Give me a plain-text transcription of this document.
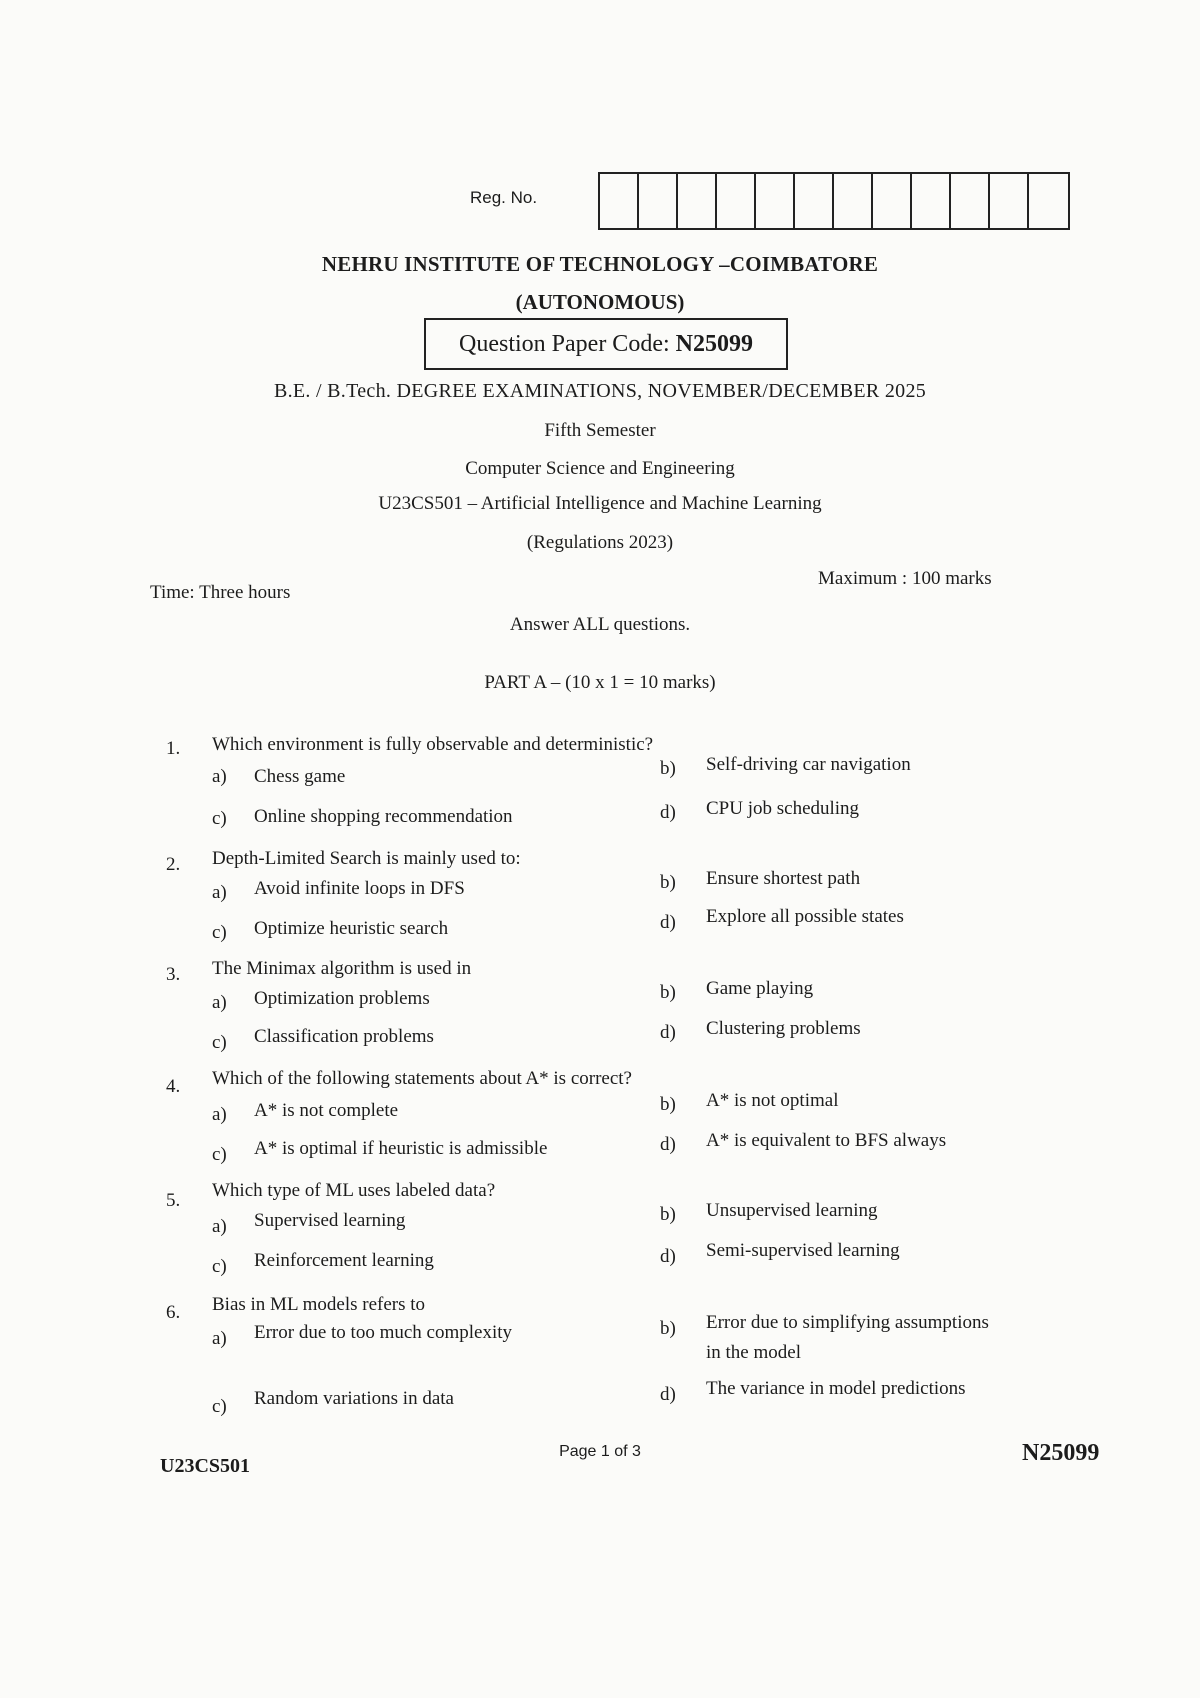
Reg. No.
NEHRU INSTITUTE OF TECHNOLOGY –COIMBATORE
(AUTONOMOUS)
Question Paper Code: N25099
B.E. / B.Tech. DEGREE EXAMINATIONS, NOVEMBER/DECEMBER 2025
Fifth Semester
Computer Science and Engineering
U23CS501 – Artificial Intelligence and Machine Learning
(Regulations 2023)
Time: Three hours
Maximum : 100 marks
Answer ALL questions.
PART A – (10 x 1 = 10 marks)
1. Which environment is fully observable and deterministic?
a) Chess game	b) Self-driving car navigation
c) Online shopping recommendation	d) CPU job scheduling
2. Depth-Limited Search is mainly used to:
a) Avoid infinite loops in DFS	b) Ensure shortest path
c) Optimize heuristic search	d) Explore all possible states
3. The Minimax algorithm is used in
a) Optimization problems	b) Game playing
c) Classification problems	d) Clustering problems
4. Which of the following statements about A* is correct?
a) A* is not complete	b) A* is not optimal
c) A* is optimal if heuristic is admissible	d) A* is equivalent to BFS always
5. Which type of ML uses labeled data?
a) Supervised learning	b) Unsupervised learning
c) Reinforcement learning	d) Semi-supervised learning
6. Bias in ML models refers to
a) Error due to too much complexity	b) Error due to simplifying assumptions
in the model
c) Random variations in data	d) The variance in model predictions
U23CS501
Page 1 of 3	N25099
